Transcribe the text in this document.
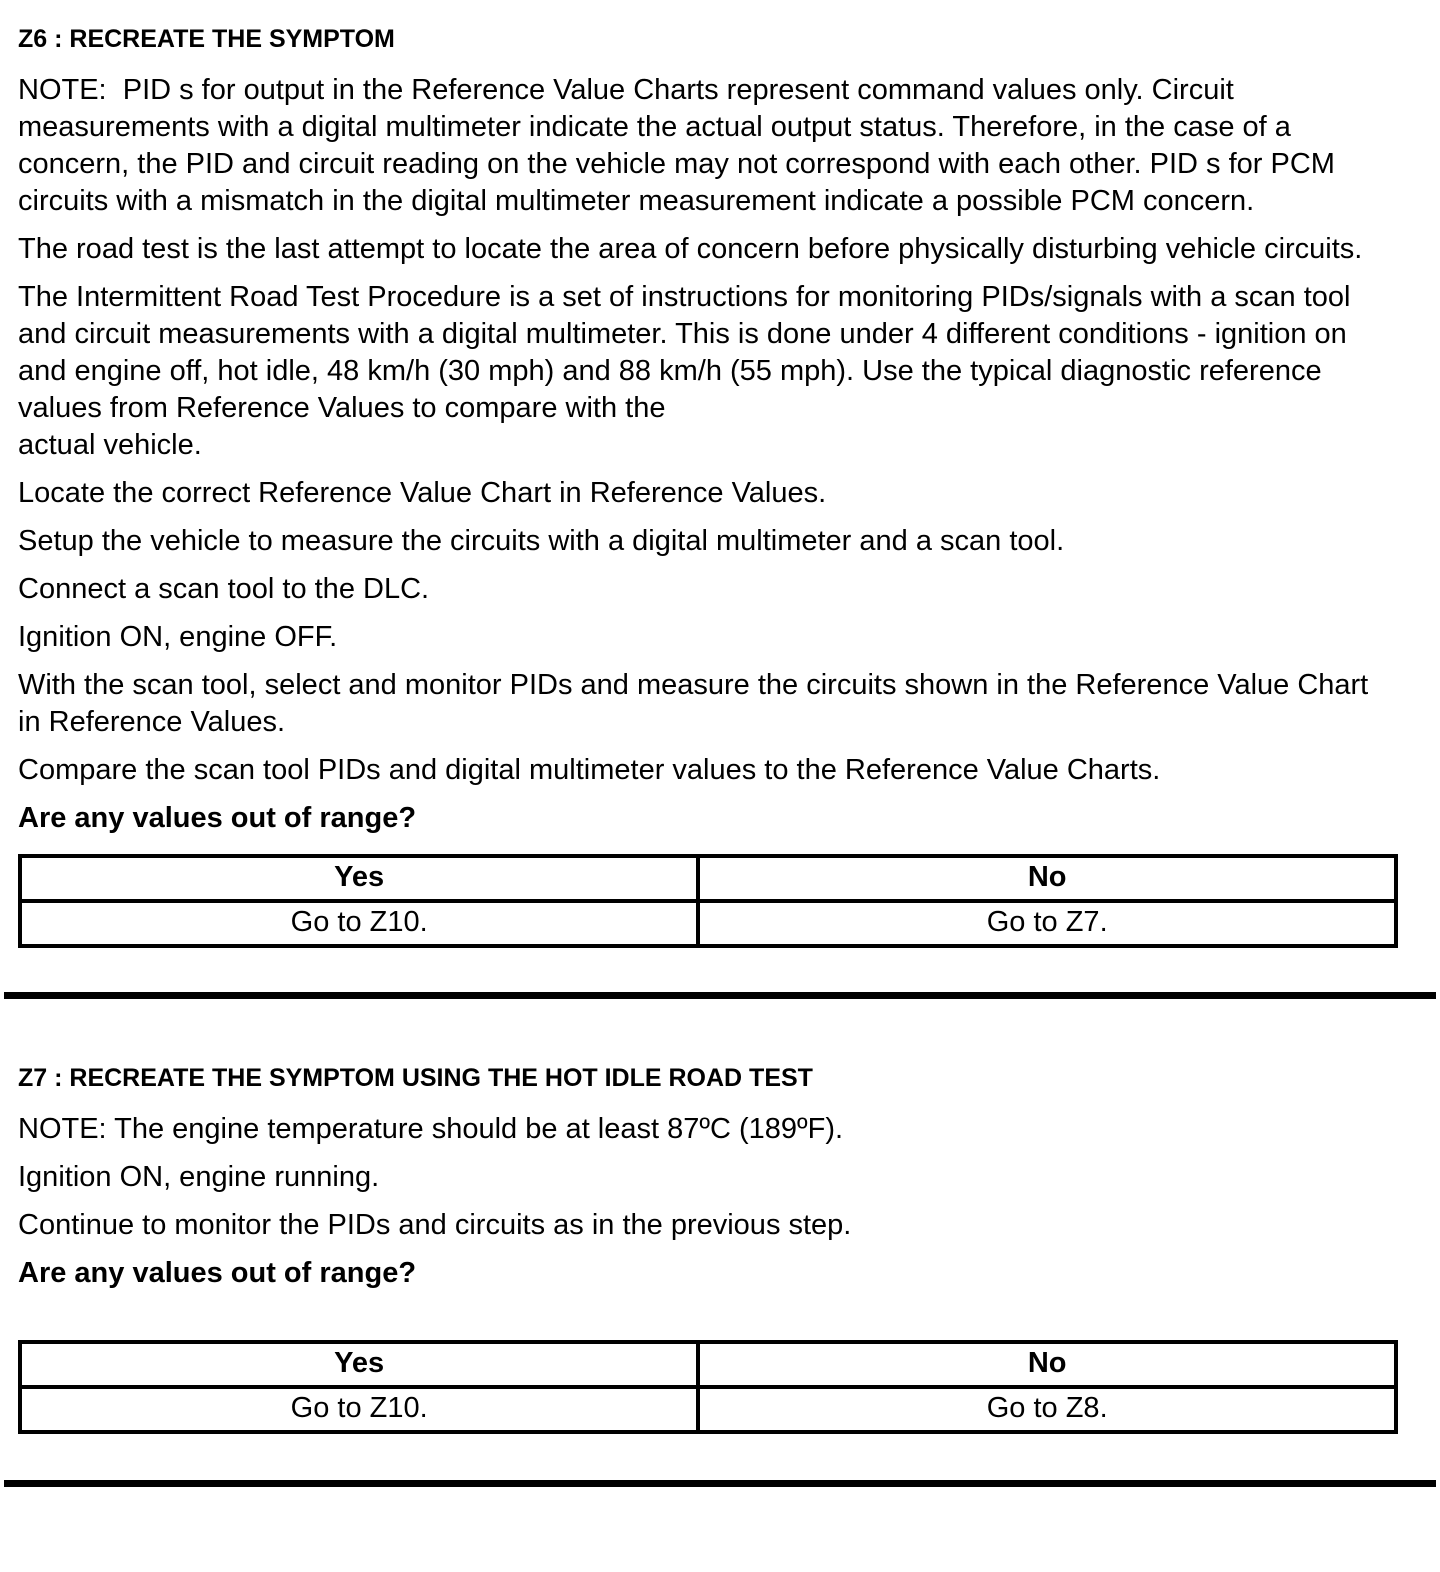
Z6 : RECREATE THE SYMPTOM

NOTE:  PID s for output in the Reference Value Charts represent command values only. Circuit measurements with a digital multimeter indicate the actual output status. Therefore, in the case of a concern, the PID and circuit reading on the vehicle may not correspond with each other. PID s for PCM circuits with a mismatch in the digital multimeter measurement indicate a possible PCM concern.

The road test is the last attempt to locate the area of concern before physically disturbing vehicle circuits.

The Intermittent Road Test Procedure is a set of instructions for monitoring PIDs/signals with a scan tool and circuit measurements with a digital multimeter. This is done under 4 different conditions - ignition on and engine off, hot idle, 48 km/h (30 mph) and 88 km/h (55 mph). Use the typical diagnostic reference values from Reference Values to compare with the
actual vehicle.

Locate the correct Reference Value Chart in Reference Values.

Setup the vehicle to measure the circuits with a digital multimeter and a scan tool.

Connect a scan tool to the DLC.

Ignition ON, engine OFF.

With the scan tool, select and monitor PIDs and measure the circuits shown in the Reference Value Chart in Reference Values.

Compare the scan tool PIDs and digital multimeter values to the Reference Value Charts.

Are any values out of range?

Yes	No
Go to Z10.	Go to Z7.
Z7 : RECREATE THE SYMPTOM USING THE HOT IDLE ROAD TEST

NOTE: The engine temperature should be at least 87ºC (189ºF).

Ignition ON, engine running.

Continue to monitor the PIDs and circuits as in the previous step.

Are any values out of range?

Yes	No
Go to Z10.	Go to Z8.
